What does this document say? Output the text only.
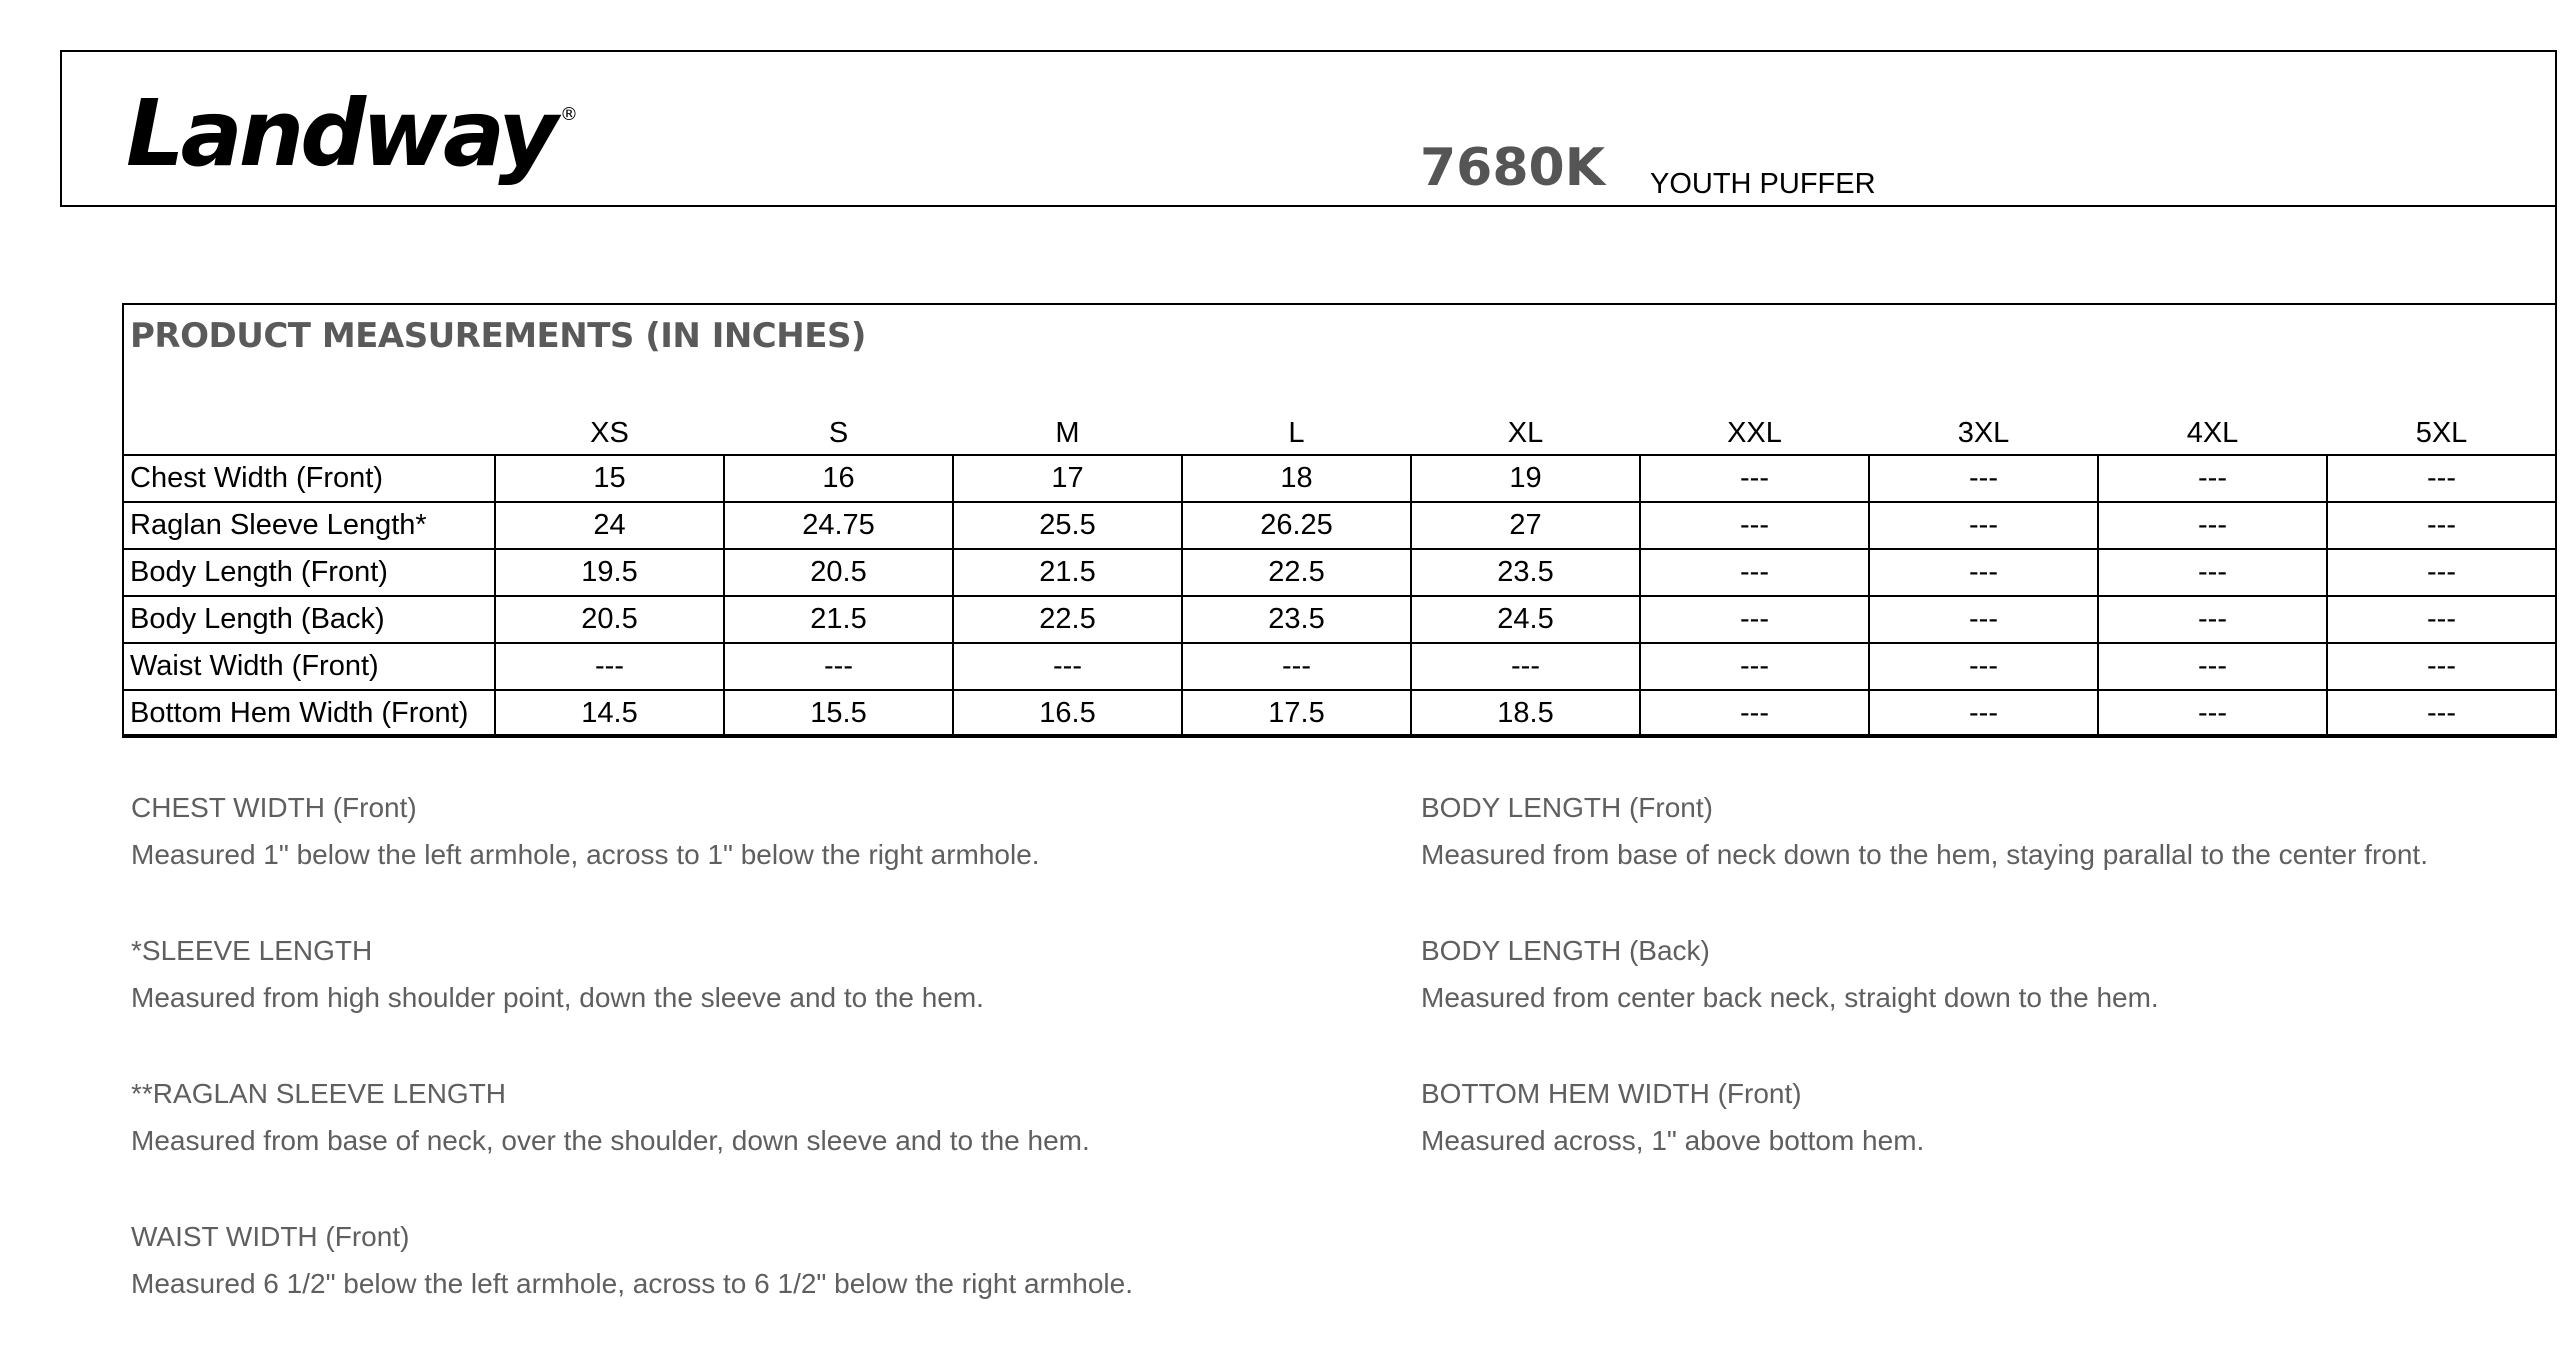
Landway ®
7680K YOUTH PUFFER
PRODUCT MEASUREMENTS (IN INCHES)
	XS	S	M	L	XL	XXL	3XL	4XL	5XL
Chest Width (Front)	15	16	17	18	19	---	---	---	---
Raglan Sleeve Length*	24	24.75	25.5	26.25	27	---	---	---	---
Body Length (Front)	19.5	20.5	21.5	22.5	23.5	---	---	---	---
Body Length (Back)	20.5	21.5	22.5	23.5	24.5	---	---	---	---
Waist Width (Front)	---	---	---	---	---	---	---	---	---
Bottom Hem Width (Front)	14.5	15.5	16.5	17.5	18.5	---	---	---	---
CHEST WIDTH (Front)
Measured 1" below the left armhole, across to 1" below the right armhole.
*SLEEVE LENGTH
Measured from high shoulder point, down the sleeve and to the hem.
**RAGLAN SLEEVE LENGTH
Measured from base of neck, over the shoulder, down sleeve and to the hem.
WAIST WIDTH (Front)
Measured 6 1/2" below the left armhole, across to 6 1/2" below the right armhole.
BODY LENGTH (Front)
Measured from base of neck down to the hem, staying parallal to the center front.
BODY LENGTH (Back)
Measured from center back neck, straight down to the hem.
BOTTOM HEM WIDTH (Front)
Measured across, 1" above bottom hem.
